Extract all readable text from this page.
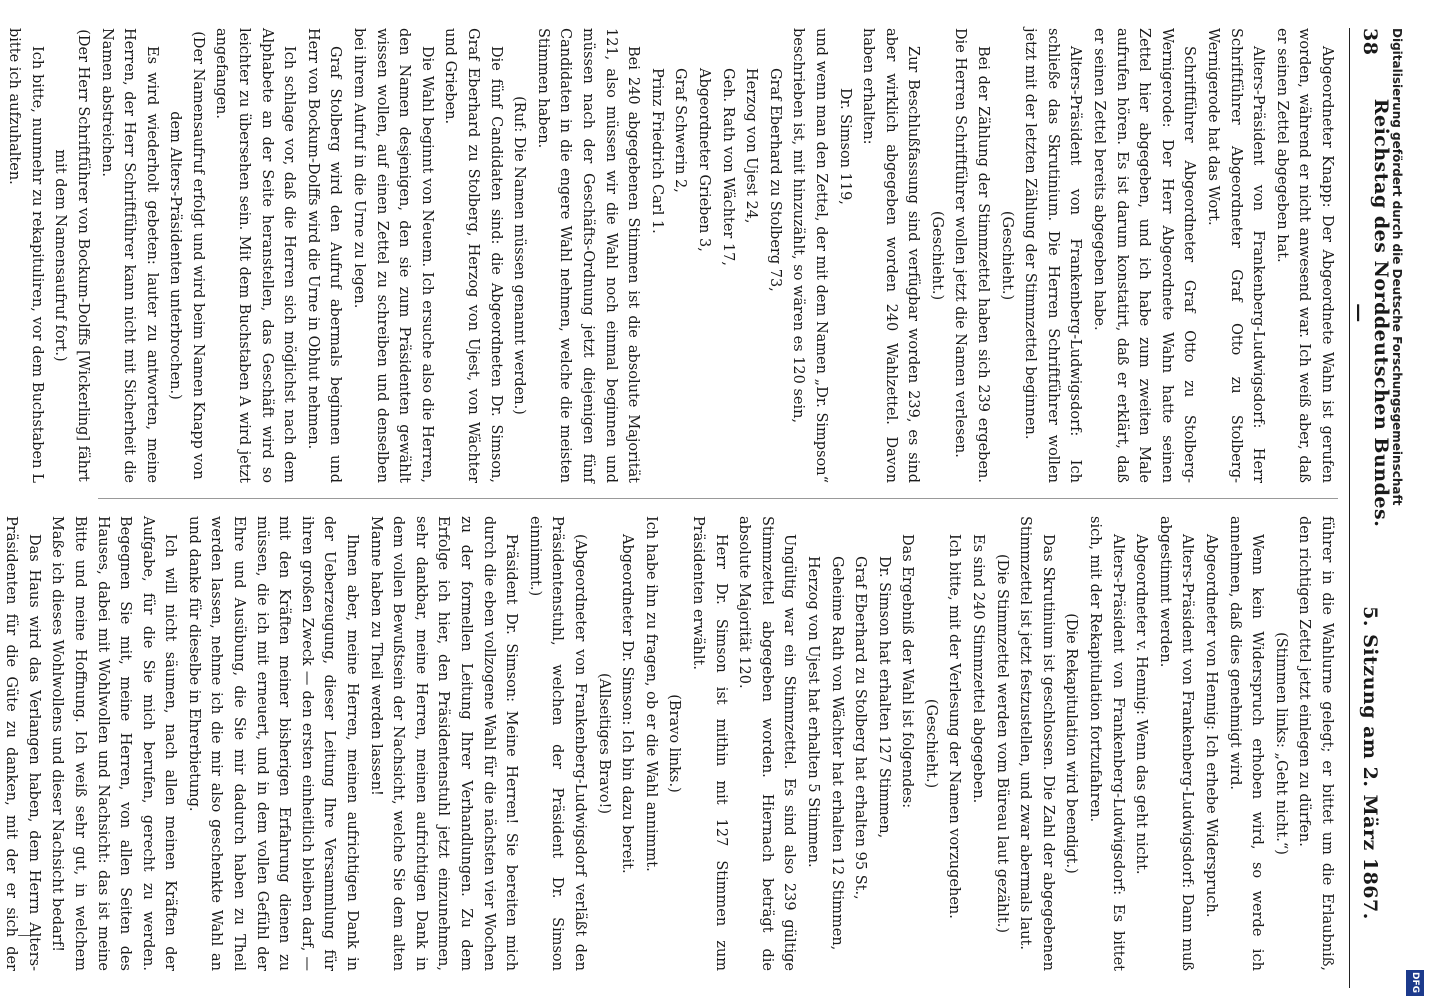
38
Reichstag des Norddeutschen Bundes. —
5. Sitzung am 2. März 1867.

Abgeordneter Knapp: Der Abgeordnete Wahn ist gerufen worden, während er nicht anwesend war. Ich weiß aber, daß er seinen Zettel abgegeben hat.

Alters-Präsident von Frankenberg-Ludwigsdorf: Herr Schriftführer Abgeordneter Graf Otto zu Stolberg-Wernigerode hat das Wort.

Schriftführer Abgeordneter Graf Otto zu Stolberg-Wernigerode: Der Herr Abgeordnete Wahn hatte seinen Zettel hier abgegeben, und ich habe zum zweiten Male aufrufen hören. Es ist darum konstatirt, daß er erklärt, daß er seinen Zettel bereits abgegeben habe.

Alters-Präsident von Frankenberg-Ludwigsdorf: Ich schließe das Skrutinium. Die Herren Schriftführer wollen jetzt mit der letzten Zählung der Stimmzettel beginnen.

(Geschieht.)

Bei der Zählung der Stimmzettel haben sich 239 ergeben. Die Herren Schriftführer wollen jetzt die Namen verlesen.

(Geschieht.)

Zur Beschlußfassung sind verfügbar worden 239, es sind aber wirklich abgegeben worden 240 Wahlzettel. Davon haben erhalten:

Dr. Simson 119,

und wenn man den Zettel, der mit dem Namen „Dr. Simpson“ beschrieben ist, mit hinzuzählt, so wären es 120 sein,

Graf Eberhard zu Stolberg 73,

Herzog von Ujest 24,

Geh. Rath von Wächter 17,

Abgeordneter Grieben 3,

Graf Schwerin 2,

Prinz Friedrich Carl 1.

Bei 240 abgegebenen Stimmen ist die absolute Majorität 121, also müssen wir die Wahl noch einmal beginnen und müssen nach der Geschäfts-Ordnung jetzt diejenigen fünf Candidaten in die engere Wahl nehmen, welche die meisten Stimmen haben.

(Ruf: Die Namen müssen genannt werden.)

Die fünf Candidaten sind: die Abgeordneten Dr. Simson, Graf Eberhard zu Stolberg, Herzog von Ujest, von Wächter und Grieben.

Die Wahl beginnt von Neuem. Ich ersuche also die Herren, den Namen desjenigen, den sie zum Präsidenten gewählt wissen wollen, auf einen Zettel zu schreiben und denselben bei ihrem Aufruf in die Urne zu legen.

Graf Stolberg wird den Aufruf abermals beginnen und Herr von Bockum-Dolffs wird die Urne in Obhut nehmen.

Ich schlage vor, daß die Herren sich möglichst nach dem Alphabete an der Seite heranstellen, das Geschäft wird so leichter zu übersehen sein. Mit dem Buchstaben A wird jetzt angefangen.

(Der Namensaufruf erfolgt und wird beim Namen Knapp von dem Alters-Präsidenten unterbrochen.)

Es wird wiederholt gebeten: lauter zu antworten, meine Herren, der Herr Schriftführer kann nicht mit Sicherheit die Namen abstreichen.

(Der Herr Schriftführer von Bockum-Dolffs [Wickerling] fährt mit dem Namensaufruf fort.)

Ich bitte, nunmehr zu rekapituliren, vor dem Buchstaben L bitte ich aufzuhalten.

führer in die Wahlurne gelegt; er bittet um die Erlaubniß, den richtigen Zettel jetzt einlegen zu dürfen.

(Stimmen links: „Geht nicht.“)

Wenn kein Widerspruch erhoben wird, so werde ich annehmen, daß dies genehmigt wird.

Abgeordneter von Hennig: Ich erhebe Widerspruch.

Alters-Präsident von Frankenberg-Ludwigsdorf: Dann muß abgestimmt werden.

Abgeordneter v. Hennig: Wenn das geht nicht.

Alters-Präsident von Frankenberg-Ludwigsdorf: Es bittet sich, mit der Rekapitulation fortzufahren.

(Die Rekapitulation wird beendigt.)

Das Skrutinium ist geschlossen. Die Zahl der abgegebenen Stimmzettel ist jetzt festzustellen, und zwar abermals laut.

(Die Stimmzettel werden vom Büreau laut gezählt.)

Es sind 240 Stimmzettel abgegeben.

Ich bitte, mit der Verlesung der Namen vorzugehen.

(Geschieht.)

Das Ergebniß der Wahl ist folgendes:

Dr. Simson hat erhalten 127 Stimmen,

Graf Eberhard zu Stolberg hat erhalten 95 St.,

Geheime Rath von Wächter hat erhalten 12 Stimmen,

Herzog von Ujest hat erhalten 5 Stimmen.

Ungültig war ein Stimmzettel. Es sind also 239 gültige Stimmzettel abgegeben worden. Hiernach beträgt die absolute Majorität 120.

Herr Dr. Simson ist mithin mit 127 Stimmen zum Präsidenten erwählt.

(Bravo links.)

Ich habe ihn zu fragen, ob er die Wahl annimmt.

Abgeordneter Dr. Simson: Ich bin dazu bereit.

(Allseitiges Bravo!)

(Abgeordneter von Frankenberg-Ludwigsdorf verläßt den Präsidentenstuhl, welchen der Präsident Dr. Simson einnimmt.)

Präsident Dr. Simson: Meine Herren! Sie bereiten mich durch die eben vollzogene Wahl für die nächsten vier Wochen zu der formellen Leitung Ihrer Verhandlungen. Zu dem Erfolge ich hier, den Präsidentenstuhl jetzt einzunehmen, sehr dankbar, meine Herren, meinen aufrichtigen Dank in dem vollen Bewußtsein der Nachsicht, welche Sie dem alten Manne haben zu Theil werden lassen!

Ihnen aber, meine Herren, meinen aufrichtigen Dank in der Ueberzeugung, dieser Leitung Ihre Versammlung für ihren großen Zweck — den ersten einheitlich bleiben darf, — mit den Kräften meiner bisherigen Erfahrung dienen zu müssen, die ich mit erneuert, und in dem vollen Gefühl der Ehre und Ausübung, die Sie mir dadurch haben zu Theil werden lassen, nehme ich die mir also geschenkte Wahl an und danke für dieselbe in Ehrerbietung.

Ich will nicht säumen, nach allen meinen Kräften der Aufgabe, für die Sie mich berufen, gerecht zu werden. Begegnen Sie mit, meine Herren, von allen Seiten des Hauses, dabei mit Wohlwollen und Nachsicht: das ist meine Bitte und meine Hoffnung. Ich weiß sehr gut, in welchem Maße ich dieses Wohlwollens und dieser Nachsicht bedarf!

Das Haus wird das Verlangen haben, dem Herrn Alters-Präsidenten für die Güte zu danken, mit der er sich der

Digitalisierung gefördert durch die Deutsche Forschungsgemeinschaft
DFG
